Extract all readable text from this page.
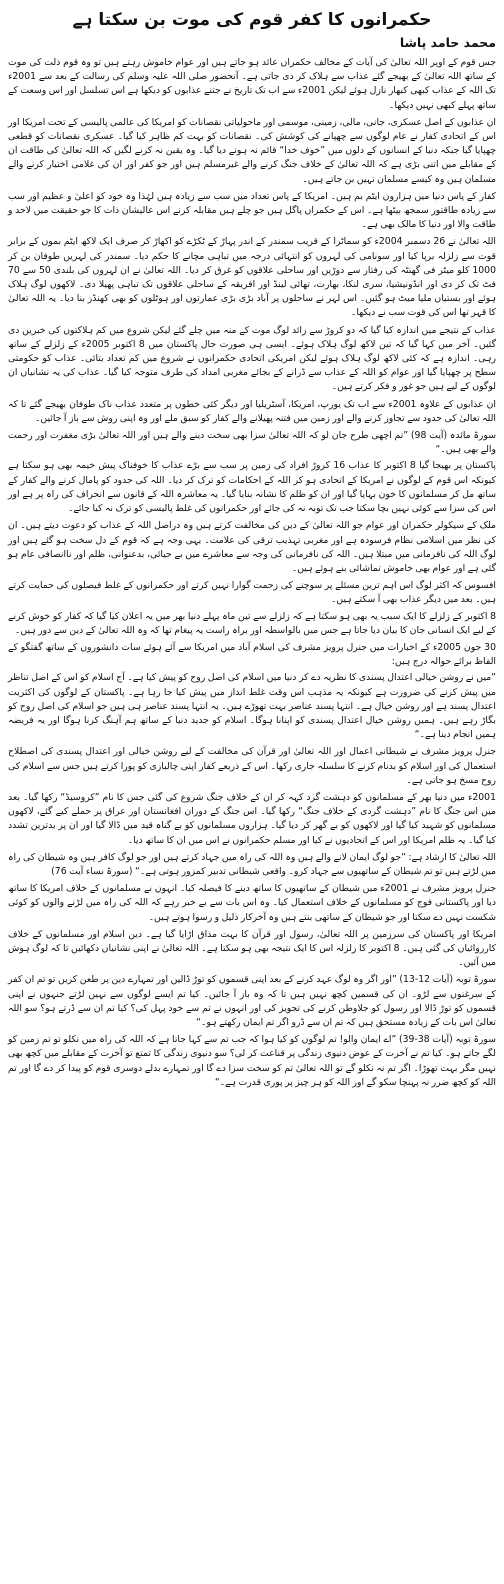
حکمرانوں کا کفر قوم کی موت بن سکتا ہے
محمد حامد پاشا

جس قوم کے اوپر اللہ تعالیٰ کی آیات کے مخالف حکمراں عائد ہو جاتے ہیں اور عوام خاموش رہتے ہیں تو وہ قوم ذلت کی موت کے ساتھ اللہ تعالیٰ کے بھیجے گئے عذاب سے ہلاک کر دی جاتی ہے۔ آنحضور صلی اللہ علیہ وسلم کی رسالت کے بعد سے 2001ء تک اللہ کے عذاب کبھی کبھار نازل ہوئے لیکن 2001ء سے اب تک تاریخ نے جتنے عذابوں کو دیکھا ہے اس تسلسل اور اس وسعت کے ساتھ پہلے کبھی نہیں دیکھا۔

ان عذابوں کے اصل عسکری، جانی، مالی، زمینی، موسمی اور ماحولیاتی نقصانات کو امریکا کی عالمی پالیسی کے تحت امریکا اور اس کے اتحادی کفار نے عام لوگوں سے چھپانے کی کوشش کی۔ نقصانات کو بہت کم ظاہر کیا گیا۔ عسکری نقصانات کو قطعی چھپایا گیا جبکہ دنیا کے انسانوں کے دلوں میں ”خوف خدا“ قائم نہ ہونے دیا گیا۔ وہ یقین نہ کرنے لگیں کہ اللہ تعالیٰ کی طاقت ان کے مقابلے میں اتنی بڑی ہے کہ اللہ تعالیٰ کے خلاف جنگ کرنے والے غیرمسلم ہیں اور جو کفر اور ان کی غلامی اختیار کرنے والے مسلمان ہیں وہ کیسے مسلمان نہیں بن جاتے ہیں۔

کفار کے پاس دنیا میں ہزاروں ایٹم بم ہیں۔ امریکا کے پاس تعداد میں سب سے زیادہ ہیں لہٰذا وہ خود کو اعلیٰ و عظیم اور سب سے زیادہ طاقتور سمجھ بیٹھا ہے۔ اس کے حکمراں پاگل ہیں جو چلے ہیں مقابلہ کرنے اس عالیشان ذات کا جو حقیقت میں لاحد و طاقت والا اور دنیا کا مالک بھی ہے۔

اللہ تعالیٰ نے 26 دسمبر 2004ء کو سماٹرا کے قریب سمندر کے اندر پہاڑ کے ٹکڑے کو اکھاڑ کر صرف ایک لاکھ ایٹم بموں کے برابر قوت سے زلزلہ برپا کیا اور سونامی کی لہروں کو انتہائی درجہ میں تباہی مچانے کا حکم دیا۔ سمندر کی لہریں طوفان بن کر 1000 کلو میٹر فی گھنٹہ کی رفتار سے دوڑیں اور ساحلی علاقوں کو غرق کر دیا۔ اللہ تعالیٰ نے ان لہروں کی بلندی 50 سے 70 فٹ تک کر دی اور انڈونیشیا، سری لنکا، بھارت، تھائی لینڈ اور افریقہ کے ساحلی علاقوں تک تباہی پھیلا دی۔ لاکھوں لوگ ہلاک ہوئے اور بستیاں ملیا میٹ ہو گئیں۔ اس لہر نے ساحلوں پر آباد بڑی بڑی عمارتوں اور ہوٹلوں کو بھی کھنڈر بنا دیا۔ یہ اللہ تعالیٰ کا قہر تھا اس کی قوت سب نے دیکھا۔

عذاب کے نتیجے میں اندازہ کیا گیا کہ دو کروڑ سے زائد لوگ موت کے منہ میں چلے گئے لیکن شروع میں کم ہلاکتوں کی خبریں دی گئیں۔ آخر میں کہا گیا کہ تین لاکھ لوگ ہلاک ہوئے۔ ایسی ہی صورت حال پاکستان میں 8 اکتوبر 2005ء کے زلزلے کے ساتھ رہی۔ اندازہ ہے کہ کئی لاکھ لوگ ہلاک ہوئے لیکن امریکی اتحادی حکمرانوں نے شروع میں کم تعداد بتائی۔ عذاب کو حکومتی سطح پر چھپایا گیا اور عوام کو اللہ کے عذاب سے ڈرانے کے بجائے مغربی امداد کی طرف متوجہ کیا گیا۔ عذاب کی یہ نشانیاں ان لوگوں کے لیے ہیں جو غور و فکر کرتے ہیں۔

ان عذابوں کے علاوہ 2001ء سے اب تک یورپ، امریکا، آسٹریلیا اور دیگر کئی خطوں پر متعدد عذاب ناک طوفان بھیجے گئے تا کہ اللہ تعالیٰ کی حدود سے تجاوز کرنے والے اور زمین میں فتنہ پھیلانے والے کفار کو سبق ملے اور وہ اپنی روش سے باز آ جائیں۔

سورۃ مائدہ (آیت 98) ”تم اچھی طرح جان لو کہ اللہ تعالیٰ سزا بھی سخت دینے والے ہیں اور اللہ تعالیٰ بڑی مغفرت اور رحمت والے بھی ہیں۔“

پاکستان پر بھیجا گیا 8 اکتوبر کا عذاب 16 کروڑ افراد کی زمین پر سب سے بڑے عذاب کا خوفناک پیش خیمہ بھی ہو سکتا ہے کیونکہ اس قوم کے لوگوں نے امریکا کے اتحادی ہو کر اللہ کے احکامات کو ترک کر دیا۔ اللہ کی حدود کو پامال کرنے والے کفار کے ساتھ مل کر مسلمانوں کا خون بہایا گیا اور ان کو ظلم کا نشانہ بنایا گیا۔ یہ معاشرہ اللہ کے قانون سے انحراف کی راہ پر ہے اور اس کی سزا سے کوئی نہیں بچا سکتا جب تک توبہ نہ کی جائے اور حکمرانوں کی غلط پالیسی کو ترک نہ کیا جائے۔

ملک کے سیکولر حکمران اور عوام جو اللہ تعالیٰ کے دین کی مخالفت کرتے ہیں وہ دراصل اللہ کے عذاب کو دعوت دیتے ہیں۔ ان کی نظر میں اسلامی نظام فرسودہ ہے اور مغربی تہذیب ترقی کی علامت۔ یہی وجہ ہے کہ قوم کے دل سخت ہو گئے ہیں اور لوگ اللہ کی نافرمانی میں مبتلا ہیں۔ اللہ کی نافرمانی کی وجہ سے معاشرے میں بے حیائی، بدعنوانی، ظلم اور ناانصافی عام ہو گئی ہے اور عوام بھی خاموش تماشائی بنے ہوئے ہیں۔

افسوس کہ اکثر لوگ اس اہم ترین مسئلے پر سوچنے کی زحمت گوارا نہیں کرتے اور حکمرانوں کے غلط فیصلوں کی حمایت کرتے ہیں۔ بعد میں دیگر عذاب بھی آ سکتے ہیں۔

8 اکتوبر کے زلزلے کا ایک سبب یہ بھی ہو سکتا ہے کہ زلزلے سے تین ماہ پہلے دنیا بھر میں یہ اعلان کیا گیا کہ کفار کو خوش کرنے کے لیے ایک انسانی جان کا بیان دیا جاتا ہے جس میں بالواسطہ اور براہ راست یہ پیغام تھا کہ وہ اللہ تعالیٰ کے دین سے دور ہیں۔

30 جون 2005ء کے اخبارات میں جنرل پرویز مشرف کی اسلام آباد میں امریکا سے آئے ہوئے سات دانشوروں کے ساتھ گفتگو کے الفاظ برائے حوالہ درج ہیں:

”میں نے روشن خیالی اعتدال پسندی کا نظریہ دے کر دنیا میں اسلام کی اصل روح کو پیش کیا ہے۔ آج اسلام کو اس کے اصل تناظر میں پیش کرنے کی ضرورت ہے کیونکہ یہ مذہب اس وقت غلط انداز میں پیش کیا جا رہا ہے۔ پاکستان کے لوگوں کی اکثریت اعتدال پسند ہے اور روشن خیال ہے۔ انتہا پسند عناصر بہت تھوڑے ہیں۔ یہ انتہا پسند عناصر ہی ہیں جو اسلام کی اصل روح کو بگاڑ رہے ہیں۔ ہمیں روشن خیال اعتدال پسندی کو اپنانا ہوگا۔ اسلام کو جدید دنیا کے ساتھ ہم آہنگ کرنا ہوگا اور یہ فریضہ ہمیں انجام دینا ہے۔“

جنرل پرویز مشرف نے شیطانی اعمال اور اللہ تعالیٰ اور قرآن کی مخالفت کے لیے روشن خیالی اور اعتدال پسندی کی اصطلاح استعمال کی اور اسلام کو بدنام کرنے کا سلسلہ جاری رکھا۔ اس کے ذریعے کفار اپنی چالبازی کو پورا کرتے ہیں جس سے اسلام کی روح مسخ ہو جاتی ہے۔

2001ء میں دنیا بھر کے مسلمانوں کو دہشت گرد کہہ کر ان کے خلاف جنگ شروع کی گئی جس کا نام ”کروسیڈ“ رکھا گیا۔ بعد میں اس جنگ کا نام ”دہشت گردی کے خلاف جنگ“ رکھا گیا۔ اس جنگ کے دوران افغانستان اور عراق پر حملے کیے گئے، لاکھوں مسلمانوں کو شہید کیا گیا اور لاکھوں کو بے گھر کر دیا گیا۔ ہزاروں مسلمانوں کو بے گناہ قید میں ڈالا گیا اور ان پر بدترین تشدد کیا گیا۔ یہ ظلم امریکا اور اس کے اتحادیوں نے کیا اور مسلم حکمرانوں نے اس میں ان کا ساتھ دیا۔

اللہ تعالیٰ کا ارشاد ہے: ”جو لوگ ایمان لانے والے ہیں وہ اللہ کی راہ میں جہاد کرتے ہیں اور جو لوگ کافر ہیں وہ شیطان کی راہ میں لڑتے ہیں تو تم شیطان کے ساتھیوں سے جہاد کرو۔ واقعی شیطانی تدبیر کمزور ہوتی ہے۔“ (سورۃ نساء آیت 76)

جنرل پرویز مشرف نے 2001ء میں شیطان کے ساتھیوں کا ساتھ دینے کا فیصلہ کیا۔ انہوں نے مسلمانوں کے خلاف امریکا کا ساتھ دیا اور پاکستانی فوج کو مسلمانوں کے خلاف استعمال کیا۔ وہ اس بات سے بے خبر رہے کہ اللہ کی راہ میں لڑنے والوں کو کوئی شکست نہیں دے سکتا اور جو شیطان کے ساتھی بنتے ہیں وہ آخرکار ذلیل و رسوا ہوتے ہیں۔

امریکا اور پاکستان کی سرزمین پر اللہ تعالیٰ، رسول اور قرآن کا بہت مذاق اڑایا گیا ہے۔ دین اسلام اور مسلمانوں کے خلاف کارروائیاں کی گئی ہیں۔ 8 اکتوبر کا زلزلہ اس کا ایک نتیجہ بھی ہو سکتا ہے۔ اللہ تعالیٰ نے اپنی نشانیاں دکھائیں تا کہ لوگ ہوش میں آئیں۔

سورۃ توبہ (آیات 12-13) ”اور اگر وہ لوگ عہد کرنے کے بعد اپنی قسموں کو توڑ ڈالیں اور تمہارے دین پر طعن کریں تو تم ان کفر کے سرغنوں سے لڑو۔ ان کی قسمیں کچھ نہیں ہیں تا کہ وہ باز آ جائیں۔ کیا تم ایسے لوگوں سے نہیں لڑتے جنہوں نے اپنی قسموں کو توڑ ڈالا اور رسول کو جلاوطن کرنے کی تجویز کی اور انہوں نے تم سے خود پہل کی؟ کیا تم ان سے ڈرتے ہو؟ سو اللہ تعالیٰ اس بات کے زیادہ مستحق ہیں کہ تم ان سے ڈرو اگر تم ایمان رکھتے ہو۔“

سورۃ توبہ (آیات 38-39) ”اے ایمان والو! تم لوگوں کو کیا ہوا کہ جب تم سے کہا جاتا ہے کہ اللہ کی راہ میں نکلو تو تم زمین کو لگے جاتے ہو۔ کیا تم نے آخرت کے عوض دنیوی زندگی پر قناعت کر لی؟ سو دنیوی زندگی کا تمتع تو آخرت کے مقابلے میں کچھ بھی نہیں مگر بہت تھوڑا۔ اگر تم نہ نکلو گے تو اللہ تعالیٰ تم کو سخت سزا دے گا اور تمہارے بدلے دوسری قوم کو پیدا کر دے گا اور تم اللہ کو کچھ ضرر نہ پہنچا سکو گے اور اللہ کو ہر چیز پر پوری قدرت ہے۔“
